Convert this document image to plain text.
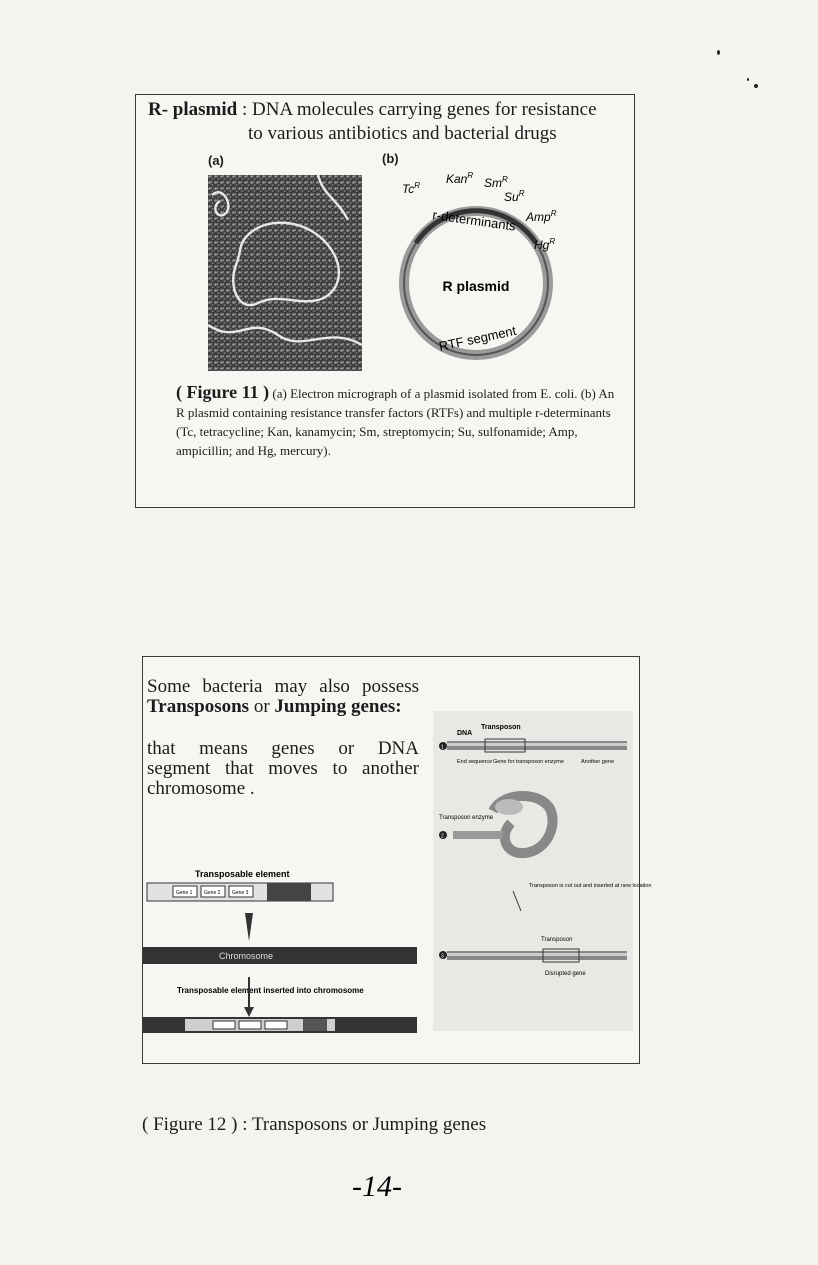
R- plasmid : DNA molecules carrying genes for resistance
to various antibiotics and bacterial drugs
(a)	(b)
R plasmid
r-determinants
RTF segment
$Tc^R$ Kan$^R$
$Sm^R$
$Su^R$
Amp$^R$
$Hg^R$
( Figure 11 ) (a) Electron micrograph of a plasmid isolated from E. coli. (b) An R plasmid containing resistance transfer factors (RTFs) and multiple r-determinants (Tc, tetracycline; Kan, kanamycin; Sm, streptomycin; Su, sulfonamide; Amp, ampicillin; and Hg, mercury).
Some bacteria may also possess
Transposons or Jumping genes:
that means genes or DNA
segment that moves to another
chromosome .
Transposable element
Gene 1 Gene 2 Gene 3
Chromosome
Transposable element inserted into chromosome
DNA
Transposon
1
End sequence Gene for transposon enzyme	Another gene
Transposon enzyme
2
Transposon is cut out and inserted at new location
Transposon
3
Disrupted gene
( Figure 12 ) : Transposons or Jumping genes
-14-
